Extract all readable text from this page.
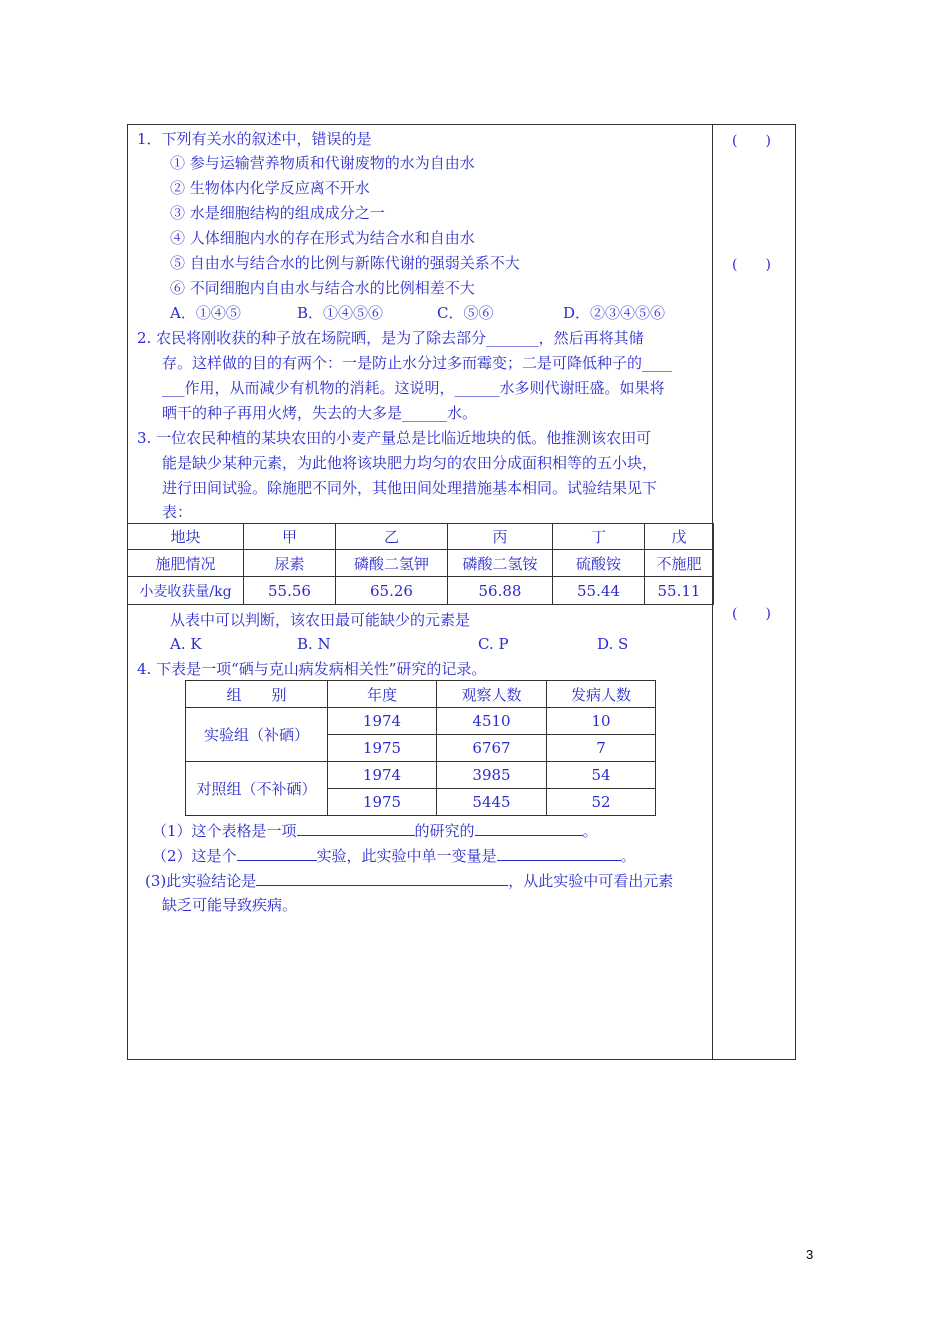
(　　)
(　　)
(　　)
1．下列有关水的叙述中，错误的是
① 参与运输营养物质和代谢废物的水为自由水
② 生物体内化学反应离不开水
③ 水是细胞结构的组成成分之一
④ 人体细胞内水的存在形式为结合水和自由水
⑤ 自由水与结合水的比例与新陈代谢的强弱关系不大
⑥ 不同细胞内自由水与结合水的比例相差不大
A．①④⑤	B．①④⑤⑥	C．⑤⑥	D．②③④⑤⑥
2. 农民将刚收获的种子放在场院晒，是为了除去部分_______，然后再将其储
存。这样做的目的有两个：一是防止水分过多而霉变；二是可降低种子的____
___作用，从而减少有机物的消耗。这说明，______水多则代谢旺盛。如果将
晒干的种子再用火烤，失去的大多是______水。
3. 一位农民种植的某块农田的小麦产量总是比临近地块的低。他推测该农田可
能是缺少某种元素，为此他将该块肥力均匀的农田分成面积相等的五小块，
进行田间试验。除施肥不同外，其他田间处理措施基本相同。试验结果见下
表：
地块	甲	乙	丙	丁	戊
施肥情况	尿素	磷酸二氢钾	磷酸二氢铵	硫酸铵	不施肥
小麦收获量/kg	55.56	65.26	56.88	55.44	55.11
从表中可以判断，该农田最可能缺少的元素是
A. K	B. N	C. P	D. S
4. 下表是一项“硒与克山病发病相关性”研究的记录。
组　　别	年度	观察人数	发病人数
实验组（补硒）	1974	4510	10
	1975	6767	7
对照组（不补硒）	1974	3985	54
	1975	5445	52
（1）这个表格是一项	的研究的	。
（2）这是个	实验，此实验中单一变量是	。
(3)此实验结论是	，从此实验中可看出元素
缺乏可能导致疾病。
3
